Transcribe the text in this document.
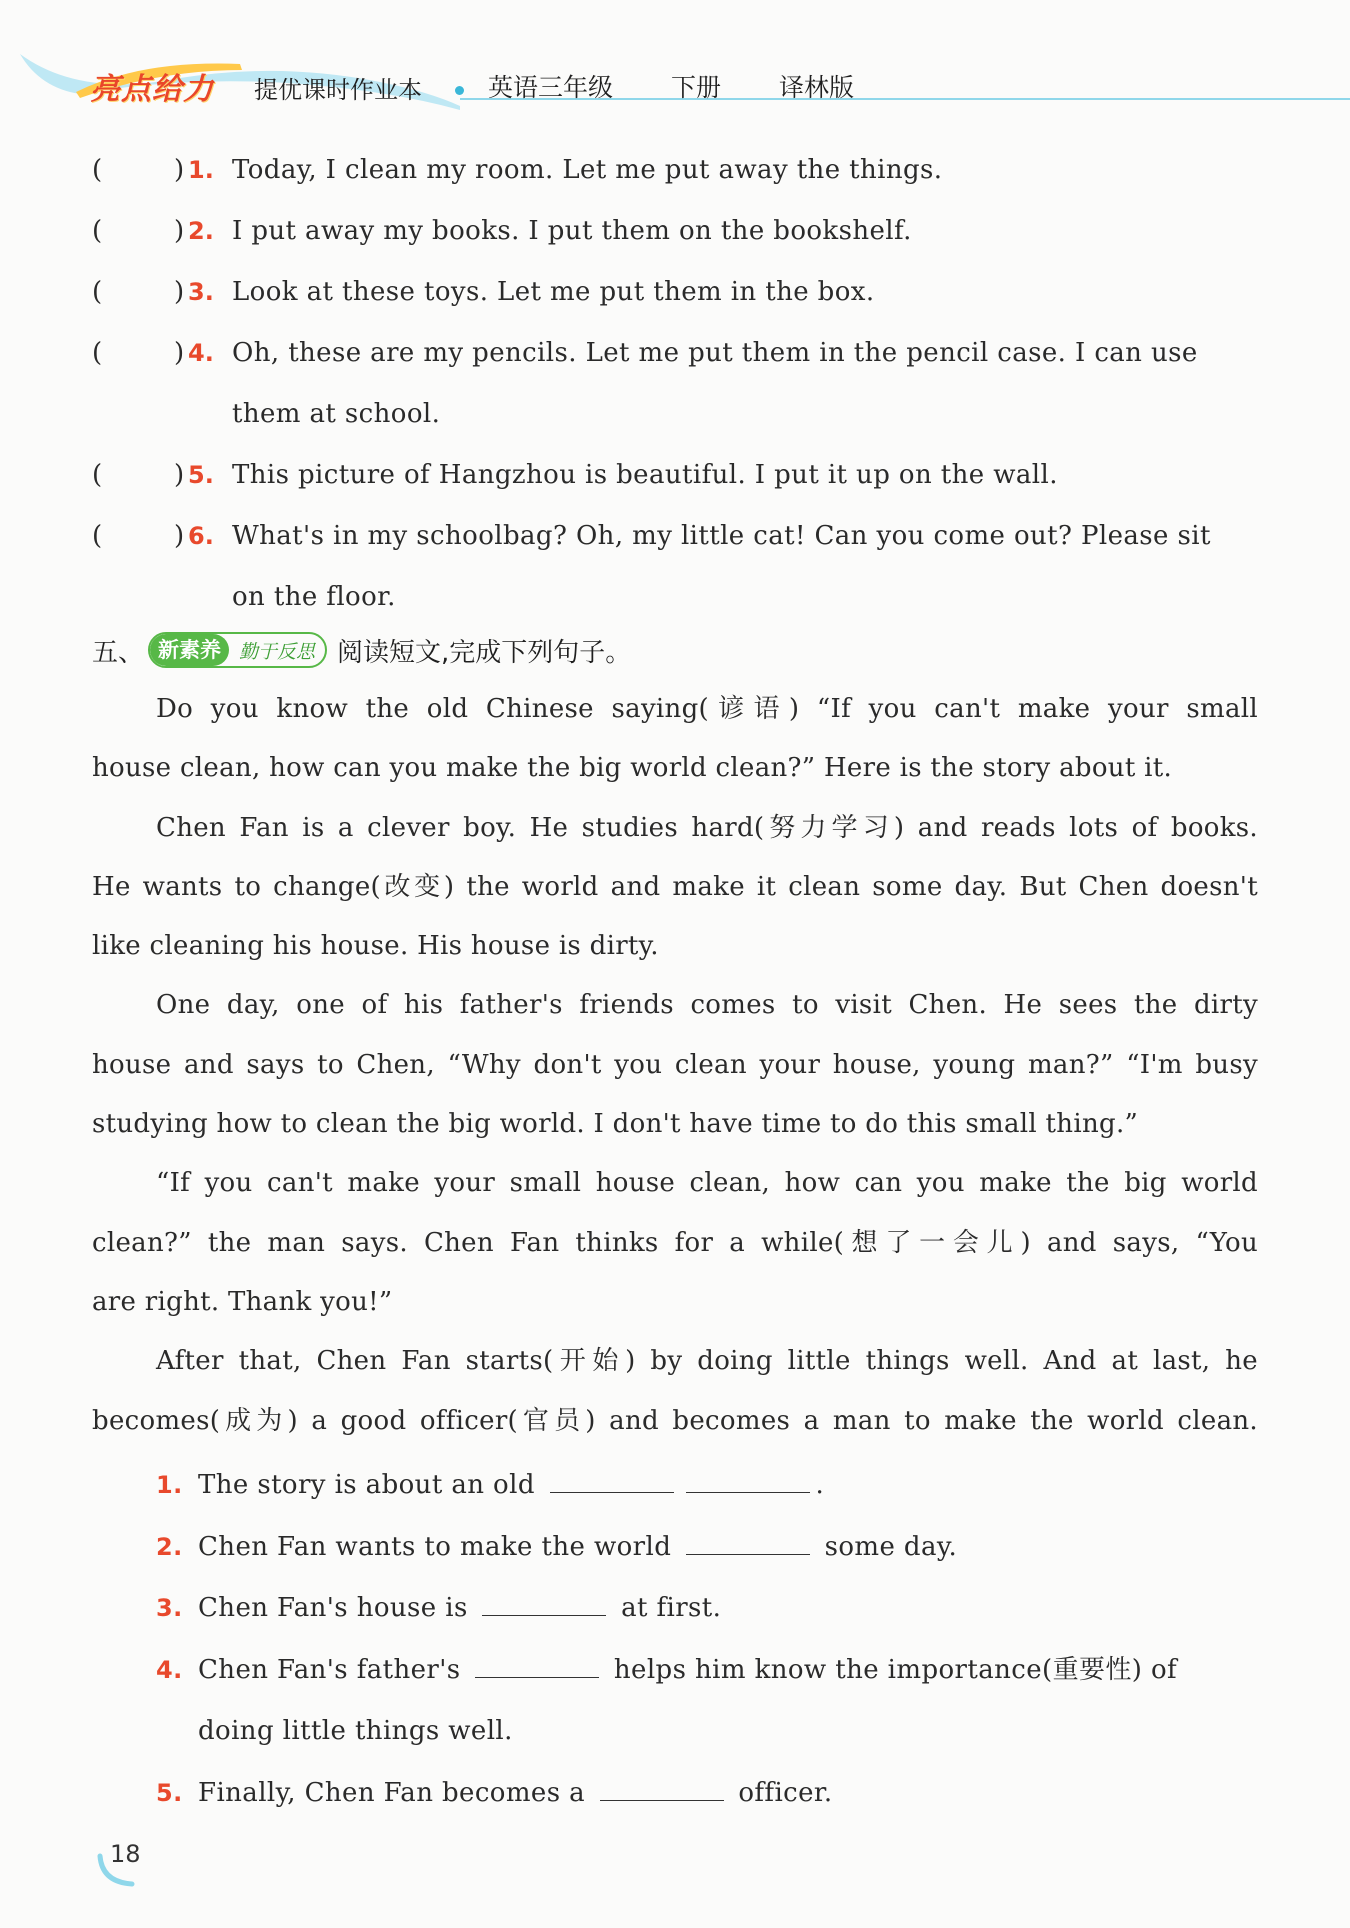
亮点给力 提优课时作业本	英语三年级 下册 译林版
(	) 1. Today, I clean my room. Let me put away the things.
(	) 2. I put away my books. I put them on the bookshelf.
(	) 3. Look at these toys. Let me put them in the box.
(	) 4. Oh, these are my pencils. Let me put them in the pencil case. I can use
them at school.
(	) 5. This picture of Hangzhou is beautiful. I put it up on the wall.
(	) 6. What's in my schoolbag? Oh, my little cat! Can you come out? Please sit
on the floor.
五、 新素养 勤于反思 阅读短文,完成下列句子。
Do you know the old Chinese saying(谚语) “If you can't make your small
house clean, how can you make the big world clean?” Here is the story about it.
Chen Fan is a clever boy. He studies hard(努力学习) and reads lots of books.
He wants to change(改变) the world and make it clean some day. But Chen doesn't
like cleaning his house. His house is dirty.
One day, one of his father's friends comes to visit Chen. He sees the dirty
house and says to Chen, “Why don't you clean your house, young man?” “I'm busy
studying how to clean the big world. I don't have time to do this small thing.”
“If you can't make your small house clean, how can you make the big world
clean?” the man says. Chen Fan thinks for a while(想了一会儿) and says, “You
are right. Thank you!”
After that, Chen Fan starts(开始) by doing little things well. And at last, he
becomes(成为) a good officer(官员) and becomes a man to make the world clean.
1. The story is about an old	.
2. Chen Fan wants to make the world	some day.
3. Chen Fan's house is	at first.
4. Chen Fan's father's	helps him know the importance(重要性) of
doing little things well.
5. Finally, Chen Fan becomes a	officer.
18
